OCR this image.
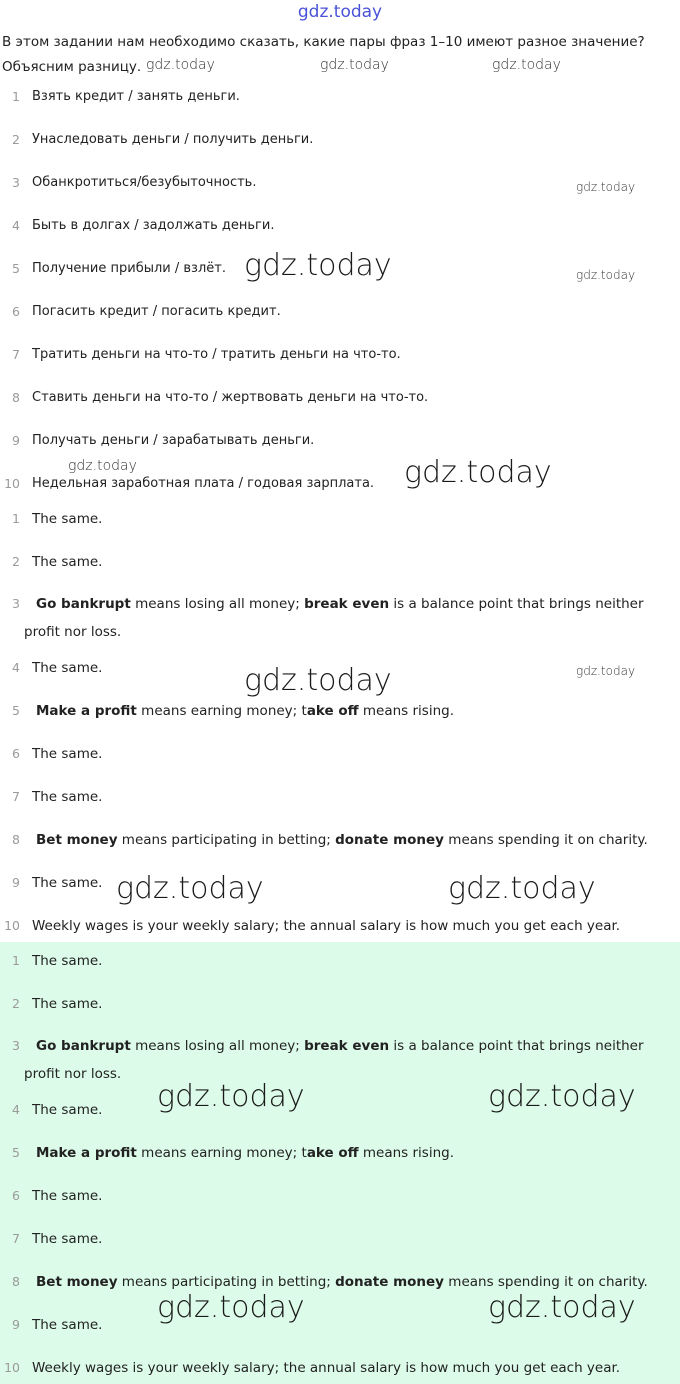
gdz.today
В этом задании нам необходимо сказать, какие пары фраз 1–10 имеют разное значение? Объясним разницу.
1 Взять кредит / занять деньги.
2 Унаследовать деньги / получить деньги.
3 Обанкротиться/безубыточность.
4 Быть в долгах / задолжать деньги.
5 Получение прибыли / взлёт.
6 Погасить кредит / погасить кредит.
7 Тратить деньги на что-то / тратить деньги на что-то.
8 Ставить деньги на что-то / жертвовать деньги на что-то.
9 Получать деньги / зарабатывать деньги.
10 Недельная заработная плата / годовая зарплата.
1 The same.
2 The same.
3	Go bankrupt means losing all money; break even is a balance point that brings neither profit nor loss.
4 The same.
5 Make a profit means earning money; take off means rising.
6 The same.
7 The same.
8 Bet money means participating in betting; donate money means spending it on charity.
9 The same.
10 Weekly wages is your weekly salary; the annual salary is how much you get each year.
1 The same.
2 The same.
3	Go bankrupt means losing all money; break even is a balance point that brings neither profit nor loss.
4 The same.
5 Make a profit means earning money; take off means rising.
6 The same.
7 The same.
8 Bet money means participating in betting; donate money means spending it on charity.
9 The same.
10 Weekly wages is your weekly salary; the annual salary is how much you get each year.
gdz.today	gdz.today	gdz.today
gdz.today
gdz.today	gdz.today
gdz.today	gdz.today
gdz.today	gdz.today
gdz.today	gdz.today
gdz.today	gdz.today
gdz.today	gdz.today
